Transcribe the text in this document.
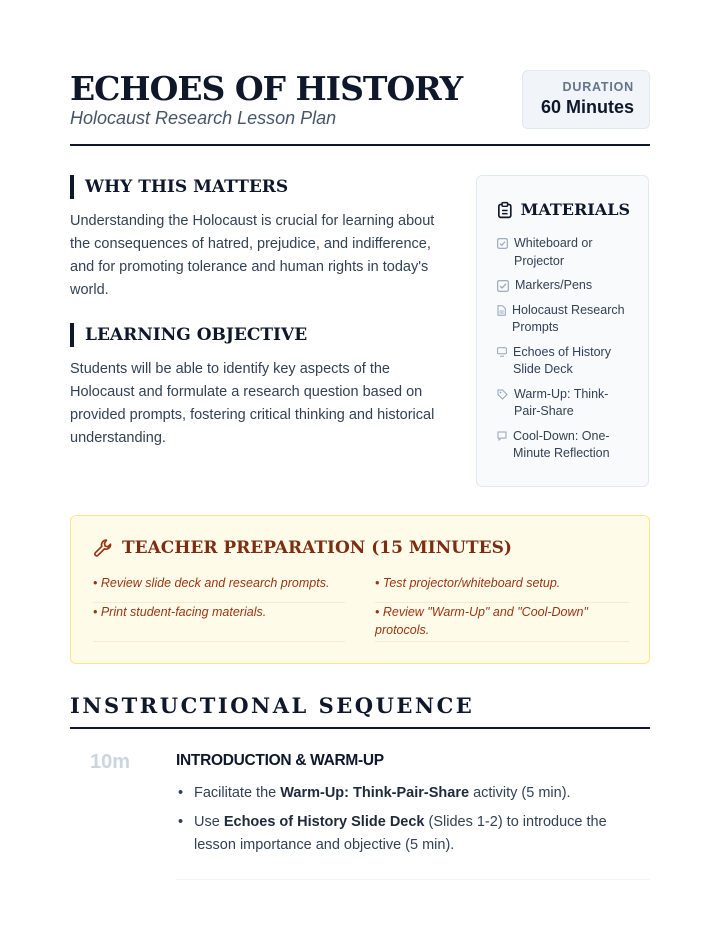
ECHOES OF HISTORY
Holocaust Research Lesson Plan
DURATION
60 Minutes
WHY THIS MATTERS
Understanding the Holocaust is crucial for learning about the consequences of hatred, prejudice, and indifference, and for promoting tolerance and human rights in today's world.
LEARNING OBJECTIVE
Students will be able to identify key aspects of the Holocaust and formulate a research question based on provided prompts, fostering critical thinking and historical understanding.
MATERIALS
Whiteboard or Projector
Markers/Pens
Holocaust Research Prompts
Echoes of History Slide Deck
Warm-Up: Think-Pair-Share
Cool-Down: One-Minute Reflection
TEACHER PREPARATION (15 MINUTES)
• Review slide deck and research prompts.	• Test projector/whiteboard setup.
• Print student-facing materials.	• Review "Warm-Up" and "Cool-Down" protocols.
INSTRUCTIONAL SEQUENCE
10m	INTRODUCTION & WARM-UP
• Facilitate the Warm-Up: Think-Pair-Share activity (5 min).
• Use Echoes of History Slide Deck (Slides 1-2) to introduce the lesson importance and objective (5 min).
